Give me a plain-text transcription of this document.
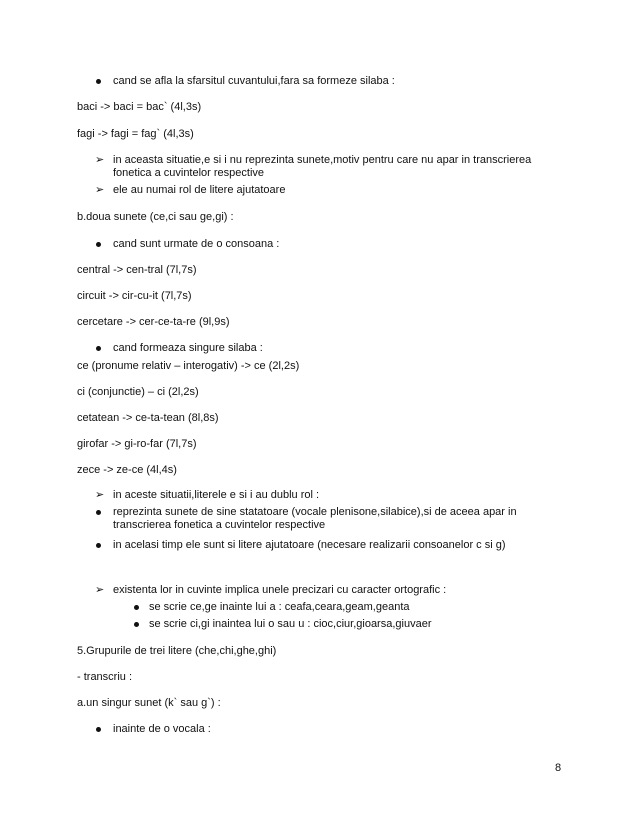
cand se afla la sfarsitul cuvantului,fara sa formeze silaba :
baci -> baci = bac` (4l,3s)
fagi -> fagi = fag` (4l,3s)
➢ in aceasta situatie,e si i nu reprezinta sunete,motiv pentru care nu apar in transcrierea fonetica a cuvintelor respective
➢ ele au numai rol de litere ajutatoare
b.doua sunete (ce,ci sau ge,gi) :
cand sunt urmate de o consoana :
central -> cen-tral (7l,7s)
circuit -> cir-cu-it (7l,7s)
cercetare -> cer-ce-ta-re (9l,9s)
cand formeaza singure silaba :
ce (pronume relativ – interogativ) -> ce (2l,2s)
ci (conjunctie) – ci (2l,2s)
cetatean -> ce-ta-tean (8l,8s)
girofar -> gi-ro-far (7l,7s)
zece -> ze-ce (4l,4s)
➢ in aceste situatii,literele e si i au dublu rol :
reprezinta sunete de sine statatoare (vocale plenisone,silabice),si de aceea apar in transcrierea fonetica a cuvintelor respective
in acelasi timp ele sunt si litere ajutatoare (necesare realizarii consoanelor c si g)
➢ existenta lor in cuvinte implica unele precizari cu caracter ortografic :
se scrie ce,ge inainte lui a : ceafa,ceara,geam,geanta
se scrie ci,gi inaintea lui o sau u : cioc,ciur,gioarsa,giuvaer
5.Grupurile de trei litere (che,chi,ghe,ghi)
- transcriu :
a.un singur sunet (k` sau g`) :
inainte de o vocala :
8
